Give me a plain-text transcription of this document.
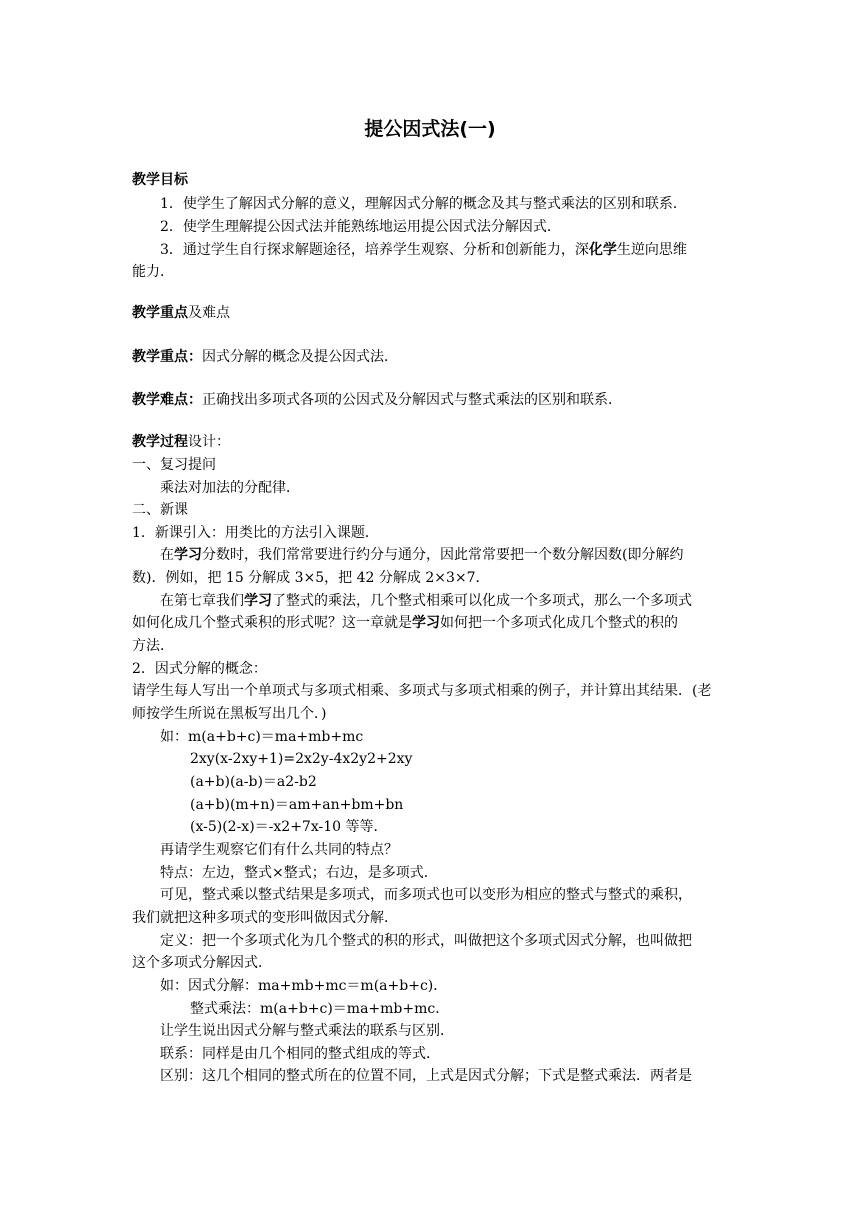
提公因式法(一)
教学目标
1．使学生了解因式分解的意义，理解因式分解的概念及其与整式乘法的区别和联系．
2．使学生理解提公因式法并能熟练地运用提公因式法分解因式．
3．通过学生自行探求解题途径，培养学生观察、分析和创新能力，深化学生逆向思维
能力．
教学重点及难点
教学重点：因式分解的概念及提公因式法．
教学难点：正确找出多项式各项的公因式及分解因式与整式乘法的区别和联系．
教学过程设计：
一、复习提问
乘法对加法的分配律．
二、新课
1．新课引入：用类比的方法引入课题．
在学习分数时，我们常常要进行约分与通分，因此常常要把一个数分解因数(即分解约
数)．例如，把 15 分解成 3×5，把 42 分解成 2×3×7．
在第七章我们学习了整式的乘法，几个整式相乘可以化成一个多项式，那么一个多项式
如何化成几个整式乘积的形式呢？这一章就是学习如何把一个多项式化成几个整式的积的
方法．
2．因式分解的概念：
请学生每人写出一个单项式与多项式相乘、多项式与多项式相乘的例子，并计算出其结果．(老
师按学生所说在黑板写出几个．)
如：m(a+b+c)＝ma+mb+mc
2xy(x-2xy+1)=2x2y-4x2y2+2xy
(a+b)(a-b)＝a2-b2
(a+b)(m+n)＝am+an+bm+bn
(x-5)(2-x)＝-x2+7x-10 等等．
再请学生观察它们有什么共同的特点？
特点：左边，整式×整式；右边，是多项式．
可见，整式乘以整式结果是多项式，而多项式也可以变形为相应的整式与整式的乘积，
我们就把这种多项式的变形叫做因式分解．
定义：把一个多项式化为几个整式的积的形式，叫做把这个多项式因式分解，也叫做把
这个多项式分解因式．
如：因式分解：ma+mb+mc＝m(a+b+c)．
整式乘法：m(a+b+c)＝ma+mb+mc．
让学生说出因式分解与整式乘法的联系与区别．
联系：同样是由几个相同的整式组成的等式．
区别：这几个相同的整式所在的位置不同，上式是因式分解；下式是整式乘法．两者是
